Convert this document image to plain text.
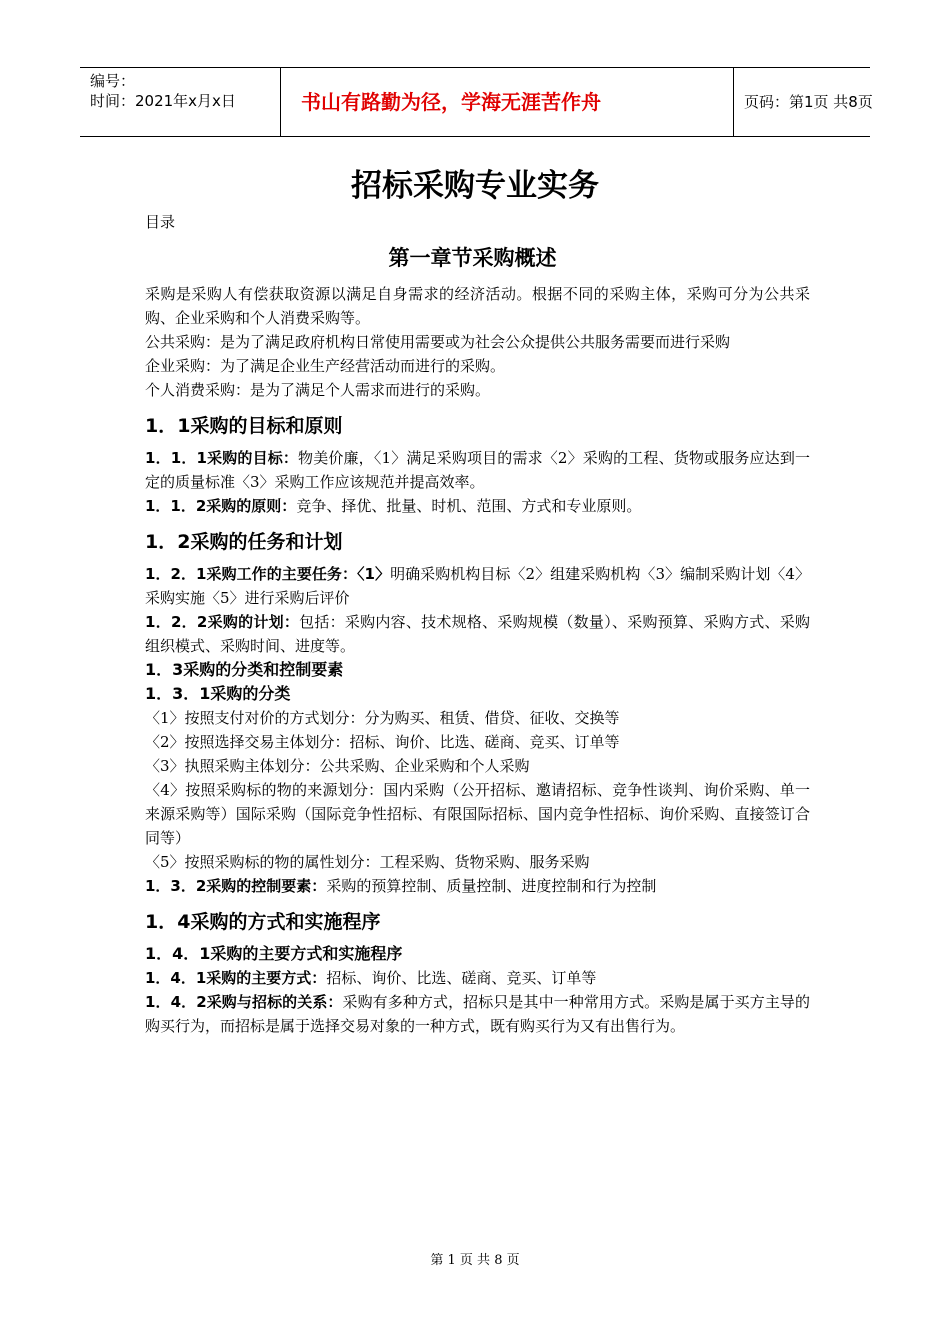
编号：
时间：2021年x月x日	书山有路勤为径，学海无涯苦作舟	页码：第1页 共8页
招标采购专业实务

目录

第一章节采购概述

采购是采购人有偿获取资源以满足自身需求的经济活动。根据不同的采购主体，采购可分为公共采购、企业采购和个人消费采购等。

公共采购：是为了满足政府机构日常使用需要或为社会公众提供公共服务需要而进行采购

企业采购：为了满足企业生产经营活动而进行的采购。

个人消费采购：是为了满足个人需求而进行的采购。

1．1采购的目标和原则

1．1．1采购的目标：物美价廉，〈1〉满足采购项目的需求〈2〉采购的工程、货物或服务应达到一定的质量标准〈3〉采购工作应该规范并提高效率。

1．1．2采购的原则：竞争、择优、批量、时机、范围、方式和专业原则。

1．2采购的任务和计划

1．2．1采购工作的主要任务：〈1〉明确采购机构目标〈2〉组建采购机构〈3〉编制采购计划〈4〉采购实施〈5〉进行采购后评价

1．2．2采购的计划：包括：采购内容、技术规格、采购规模（数量）、采购预算、采购方式、采购组织模式、采购时间、进度等。

1．3采购的分类和控制要素
1．3．1采购的分类

〈1〉按照支付对价的方式划分：分为购买、租赁、借贷、征收、交换等

〈2〉按照选择交易主体划分：招标、询价、比选、磋商、竞买、订单等

〈3〉执照采购主体划分：公共采购、企业采购和个人采购

〈4〉按照采购标的物的来源划分：国内采购（公开招标、邀请招标、竞争性谈判、询价采购、单一来源采购等）国际采购（国际竞争性招标、有限国际招标、国内竞争性招标、询价采购、直接签订合同等）

〈5〉按照采购标的物的属性划分：工程采购、货物采购、服务采购

1．3．2采购的控制要素：采购的预算控制、质量控制、进度控制和行为控制

1．4采购的方式和实施程序
1．4．1采购的主要方式和实施程序

1．4．1采购的主要方式：招标、询价、比选、磋商、竞买、订单等

1．4．2采购与招标的关系：采购有多种方式，招标只是其中一种常用方式。采购是属于买方主导的购买行为，而招标是属于选择交易对象的一种方式，既有购买行为又有出售行为。

第 1 页 共 8 页
